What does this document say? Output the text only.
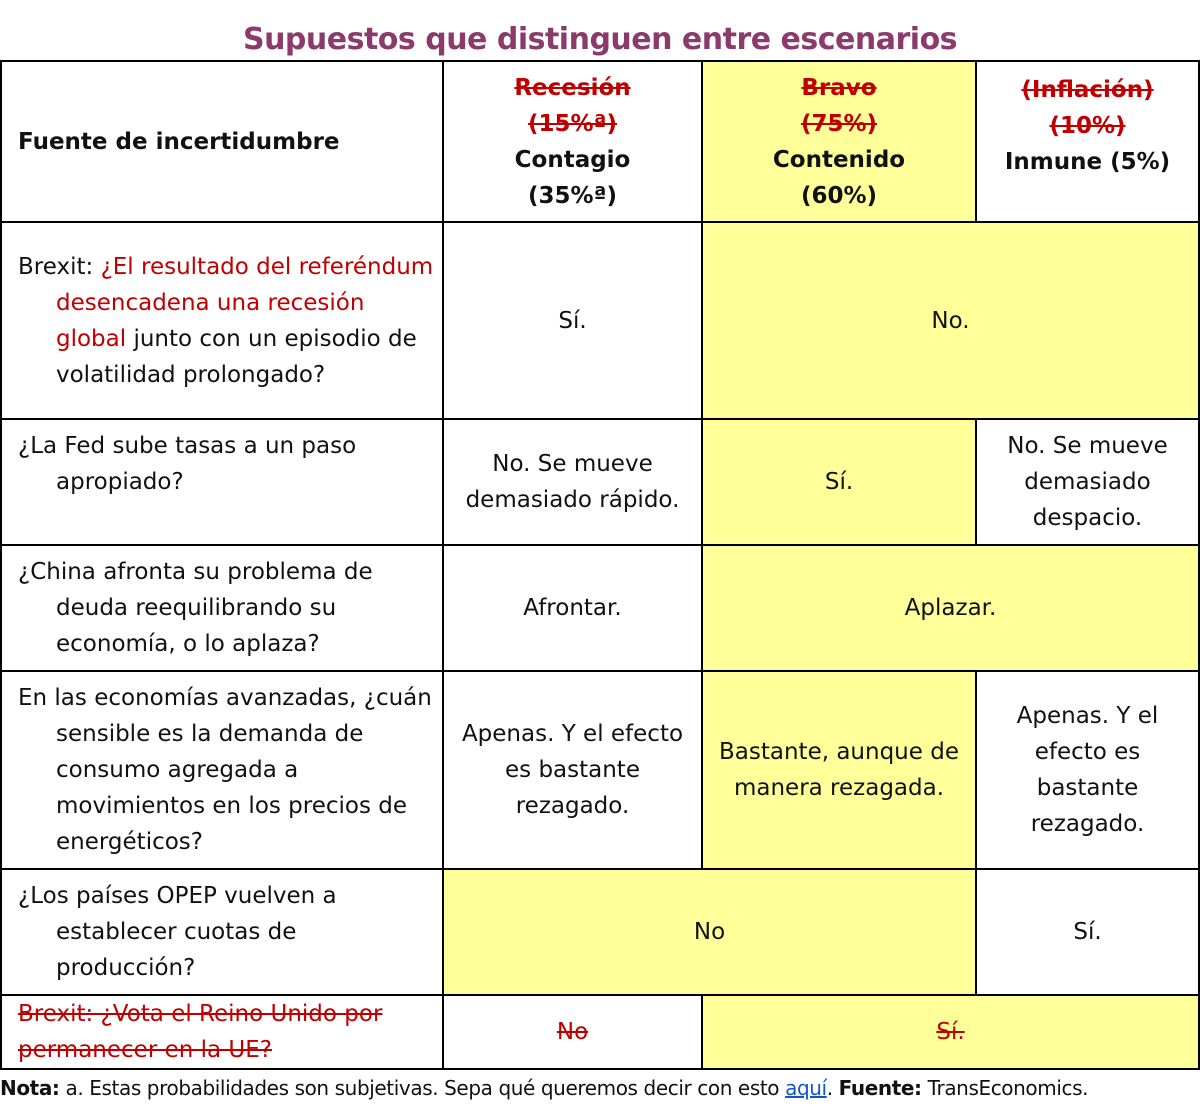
Supuestos que distinguen entre escenarios
Fuente de incertidumbre	Recesión
(15%ª)
Contagio
(35%ª)	Bravo
(75%)
Contenido
(60%)	(Inflación)
(10%)
Inmune (5%)

Brexit: ¿El resultado del referéndum desencadena una recesión global junto con un episodio de volatilidad prolongado?	Sí.	No.	

¿La Fed sube tasas a un paso apropiado?	No. Se mueve demasiado rápido.	Sí.	No. Se mueve demasiado despacio.

¿China afronta su problema de deuda reequilibrando su economía, o lo aplaza?	Afrontar.	Aplazar.	

En las economías avanzadas, ¿cuán sensible es la demanda de consumo agregada a movimientos en los precios de energéticos?	Apenas. Y el efecto es bastante rezagado.	Bastante, aunque de manera rezagada.	Apenas. Y el efecto es bastante rezagado.

¿Los países OPEP vuelven a establecer cuotas de producción?	No		Sí.
Brexit: ¿Vota el Reino Unido por permanecer en la UE?	No	Sí.	
Nota: a. Estas probabilidades son subjetivas. Sepa qué queremos decir con esto aquí. Fuente: TransEconomics.
